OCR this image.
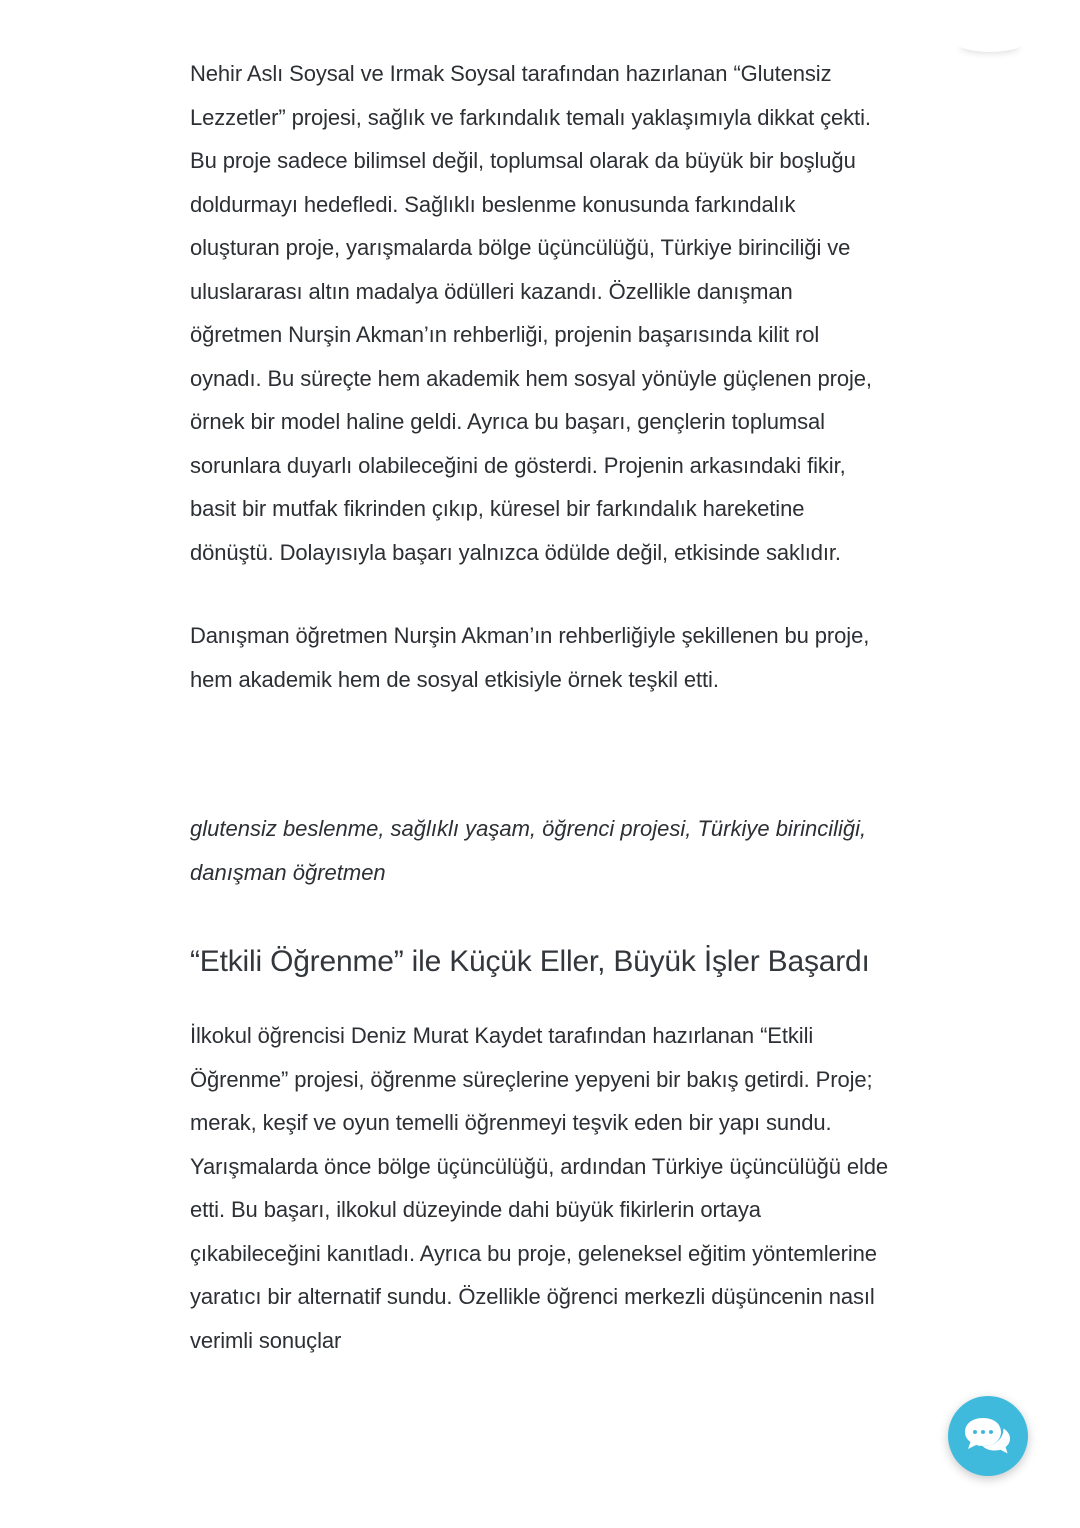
Nehir Aslı Soysal ve Irmak Soysal tarafından hazırlanan “Glutensiz Lezzetler” projesi, sağlık ve farkındalık temalı yaklaşımıyla dikkat çekti. Bu proje sadece bilimsel değil, toplumsal olarak da büyük bir boşluğu doldurmayı hedefledi. Sağlıklı beslenme konusunda farkındalık oluşturan proje, yarışmalarda bölge üçüncülüğü, Türkiye birinciliği ve uluslararası altın madalya ödülleri kazandı. Özellikle danışman öğretmen Nurşin Akman’ın rehberliği, projenin başarısında kilit rol oynadı. Bu süreçte hem akademik hem sosyal yönüyle güçlenen proje, örnek bir model haline geldi. Ayrıca bu başarı, gençlerin toplumsal sorunlara duyarlı olabileceğini de gösterdi. Projenin arkasındaki fikir, basit bir mutfak fikrinden çıkıp, küresel bir farkındalık hareketine dönüştü. Dolayısıyla başarı yalnızca ödülde değil, etkisinde saklıdır.

Danışman öğretmen Nurşin Akman’ın rehberliğiyle şekillenen bu proje, hem akademik hem de sosyal etkisiyle örnek teşkil etti.

glutensiz beslenme, sağlıklı yaşam, öğrenci projesi, Türkiye birinciliği, danışman öğretmen

“Etkili Öğrenme” ile Küçük Eller, Büyük İşler Başardı

İlkokul öğrencisi Deniz Murat Kaydet tarafından hazırlanan “Etkili Öğrenme” projesi, öğrenme süreçlerine yepyeni bir bakış getirdi. Proje; merak, keşif ve oyun temelli öğrenmeyi teşvik eden bir yapı sundu. Yarışmalarda önce bölge üçüncülüğü, ardından Türkiye üçüncülüğü elde etti. Bu başarı, ilkokul düzeyinde dahi büyük fikirlerin ortaya çıkabileceğini kanıtladı. Ayrıca bu proje, geleneksel eğitim yöntemlerine yaratıcı bir alternatif sundu. Özellikle öğrenci merkezli düşüncenin nasıl verimli sonuçlar
